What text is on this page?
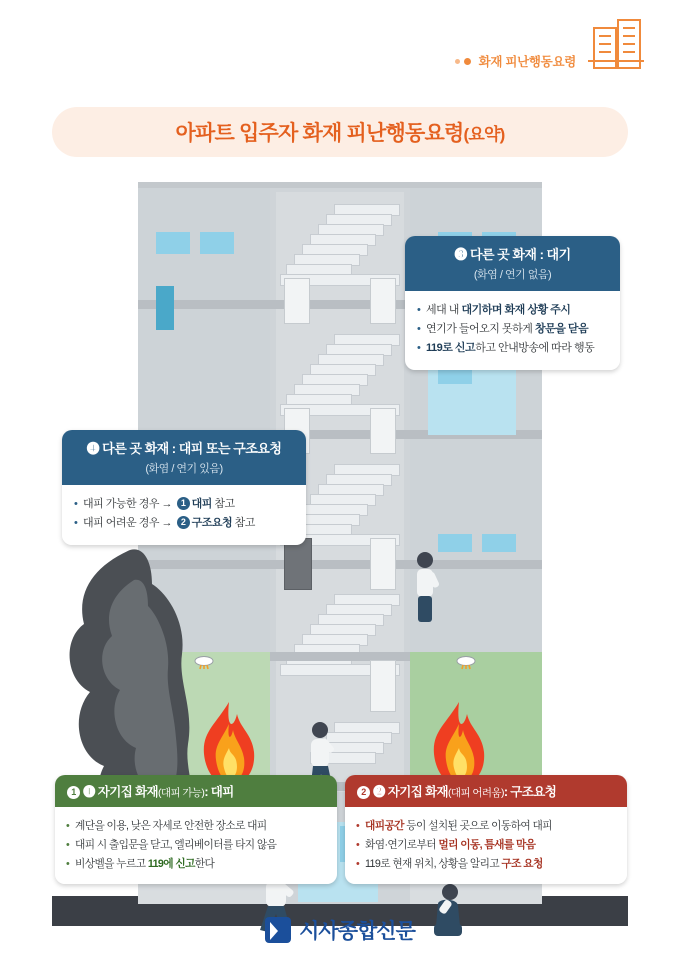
화재 피난행동요령
아파트 입주자 화재 피난행동요령(요약)
❸ 다른 곳 화재 : 대기
(화염 / 연기 없음)
• 세대 내 대기하며 화재 상황 주시
• 연기가 들어오지 못하게 창문을 닫음
• 119로 신고하고 안내방송에 따라 행동
❹ 다른 곳 화재 : 대피 또는 구조요청
(화염 / 연기 있음)
• 대피 가능한 경우 → 1 대피 참고
• 대피 어려운 경우 → 2 구조요청 참고
1 ❶ 자기집 화재(대피 가능): 대피
• 계단을 이용, 낮은 자세로 안전한 장소로 대피
• 대피 시 출입문을 닫고, 엘리베이터를 타지 않음
• 비상벨을 누르고 119에 신고한다
2 ❷ 자기집 화재(대피 어려움): 구조요청
• 대피공간 등이 설치된 곳으로 이동하여 대피
• 화염·연기로부터 멀리 이동, 틈새를 막음
• 119로 현재 위치, 상황을 알리고 구조 요청
시사종합신문
